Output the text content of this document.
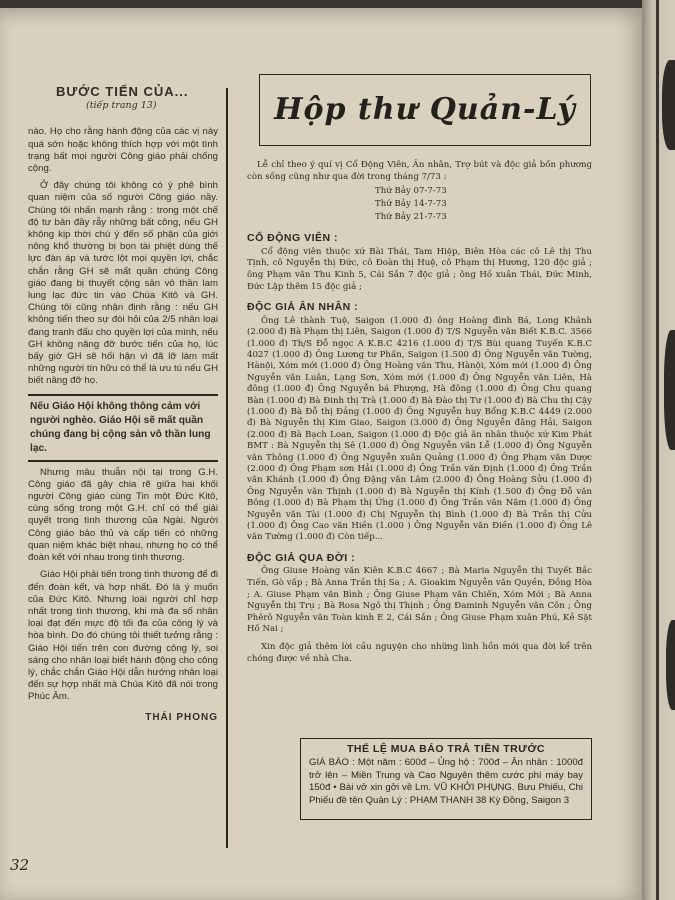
BƯỚC TIẾN CỦA...
(tiếp trang 13)

nào. Họ cho rằng hành động của các vị này quá sớn hoặc không thích hợp với một tình trạng bất mọi người Công giáo phải chống cộng.

Ở đây chúng tôi không có ý phê bình quan niệm của số người Công giáo nầy. Chúng tôi nhấn mạnh rằng : trong một chế độ tư bản đầy rẫy những bất công, nếu GH không kịp thời chú ý đến số phận của giới nông khổ thường bị bọn tài phiệt dùng thế lực đàn áp và tước lột mọi quyền lợi, chắc chắn rằng GH sẽ mất quần chúng Công giáo đang bị thuyết cộng sản vô thần lam lung lạc đức tin vào Chúa Kitô và GH. Chúng tôi cũng nhận định rằng : nếu GH không tiến theo sự đòi hỏi của 2/5 nhân loại đang tranh đấu cho quyền lợi của mình, nếu GH không năng đỡ bước tiến của họ, lúc bấy giờ GH sẽ hối hận vì đã lỡ làm mất những người tín hữu có thể là ưu tú nếu GH biết nâng đỡ họ.

Nếu Giáo Hội không thông cảm với người nghèo. Giáo Hội sẽ mất quần chúng đang bị cộng sản vô thần lung lạc.

Nhưng mâu thuẫn nội tại trong G.H. Công giáo đã gây chia rẽ giữa hai khối người Công giáo cùng Tin một Đức Kitô, cùng sống trong một G.H. chỉ có thể giải quyết trong tình thương của Ngài. Người Công giáo bảo thủ và cấp tiến có những quan niệm khác biệt nhau, nhưng họ có thể đoàn kết với nhau trong tình thương.

Giáo Hội phải tiến trong tình thương để đi đến đoàn kết, và hợp nhất. Đó là ý muốn của Đức Kitô. Nhưng loài người chỉ hợp nhất trong tình thương, khi mà đa số nhân loại đạt đến mực độ tối đa của công lý và hòa bình. Do đó chúng tôi thiết tưởng rằng : Giáo Hội tiến trên con đường công lý, soi sáng cho nhân loại biết hành động cho công lý, chắc chắn Giáo Hội dẫn hướng nhân loại đến sự hợp nhất mà Chúa Kitô đã nói trong Phúc Âm.

THÁI PHONG

Hộp thư Quản-Lý

Lễ chỉ theo ý quí vị Cổ Động Viên, Ân nhân, Trợ bút và độc giả bốn phương còn sống cũng như qua đời trong tháng 7/73 :

Thứ Bảy 07-7-73
Thứ Bảy 14-7-73
Thứ Bảy 21-7-73
CỔ ĐỘNG VIÊN :

Cổ động viên thuộc xứ Bài Thái, Tam Hiệp, Biên Hòa các cô Lê thị Thu Tịnh, cô Nguyễn thị Đức, cô Đoàn thị Huệ, cô Phạm thị Hương, 120 độc giả ; ông Phạm văn Thu Kinh 5, Cái Sắn 7 độc giả ; ông Hồ xuân Thái, Đức Minh, Đức Lập thêm 15 độc giả ;

ĐỘC GIẢ ÂN NHÂN :

Ông Lê thành Tuệ, Saigon (1.000 đ) ông Hoàng đình Bá, Long Khánh (2.000 đ) Bà Phạm thị Liên, Saigon (1.000 đ) T/S Nguyễn văn Biết K.B.C. 3566 (1.000 đ) Th/S Đỗ ngọc A K.B.C 4216 (1.000 đ) T/S Bùi quang Tuyến K.B.C 4027 (1.000 đ) Ông Lương tư Phấn, Saigon (1.500 đ) Ông Nguyễn văn Tường, Hànội, Xóm mới (1.000 đ) Ông Hoàng văn Thu, Hànội, Xóm mới (1.000 đ) Ông Nguyễn văn Luân, Lạng Sơn, Xóm mới (1.000 đ) Ông Nguyễn văn Liên, Hà đông (1.000 đ) Ông Nguyễn bá Phượng, Hà đông (1.000 đ) Ông Chu quang Bàn (1.000 đ) Bà Đinh thị Trà (1.000 đ) Bà Đào thị Tư (1.000 đ) Bà Chu thị Cậy (1.000 đ) Bà Đỗ thị Đảng (1.000 đ) Ông Nguyễn huy Bổng K.B.C 4449 (2.000 đ) Bà Nguyễn thị Kim Giao, Saigon (3.000 đ) Ông Nguyễn đăng Hải, Saigon (2.000 đ) Bà Bạch Loan, Saigon (1.000 đ) Độc giả ân nhân thuộc xứ Kim Phát BMT : Bà Nguyễn thị Sê (1.000 đ) Ông Nguyễn văn Lễ (1.000 đ) Ông Nguyễn văn Thông (1.000 đ) Ông Nguyễn xuân Quảng (1.000 đ) Ông Phạm văn Dược (2.000 đ) Ông Phạm sơn Hải (1.000 đ) Ông Trần văn Định (1.000 đ) Ông Trần văn Khánh (1.000 đ) Ông Đặng văn Lâm (2.000 đ) Ông Hoàng Sửu (1.000 đ) Ông Nguyễn văn Thịnh (1.000 đ) Bà Nguyễn thị Kính (1.500 đ) Ông Đỗ văn Bông (1.000 đ) Bà Phạm thị Ứng (1.000 đ) Ông Trần văn Năm (1.000 đ) Ông Nguyễn văn Tài (1.000 đ) Chị Nguyễn thị Bình (1.000 đ) Bà Trần thị Cửu (1.000 đ) Ông Cao văn Hiền (1.000 ) Ông Nguyễn văn Điền (1.000 đ) Ông Lê văn Tường (1.000 đ) Còn tiếp...

ĐỘC GIẢ QUA ĐỜI :

Ông Giuse Hoàng văn Kiên K.B.C 4667 ; Bà Maria Nguyễn thị Tuyết Bắc Tiến, Gò vấp ; Bà Anna Trần thị Sa ; A. Gioakim Nguyễn văn Quyền, Đồng Hòa ; A. Giuse Phạm văn Bình ; Ông Giuse Phạm văn Chiến, Xóm Mới ; Bà Anna Nguyễn thị Trụ ; Bà Rosa Ngô thị Thịnh ; Ông Đaminh Nguyễn văn Côn ; Ông Phêrô Nguyễn văn Toàn kinh E 2, Cái Sắn ; Ông Giuse Phạm xuân Phú, Kẻ Sặt Hố Nai ;

Xin độc giả thêm lời cầu nguyện cho những linh hồn mới qua đời kể trên chóng được về nhà Cha.

THỂ LỆ MUA BÁO TRẢ TIỀN TRƯỚC
GIÁ BÁO : Một năm : 600đ – Ủng hộ : 700đ – Ân nhân : 1000đ trở lên – Miền Trung và Cao Nguyên thêm cước phí máy bay 150đ • Bài vở xin gởi về Lm. VŨ KHỞI PHỤNG. Bưu Phiếu, Chi Phiếu đề tên Quản Lý : PHẠM THANH 38 Kỳ Đồng, Saigon 3
32
